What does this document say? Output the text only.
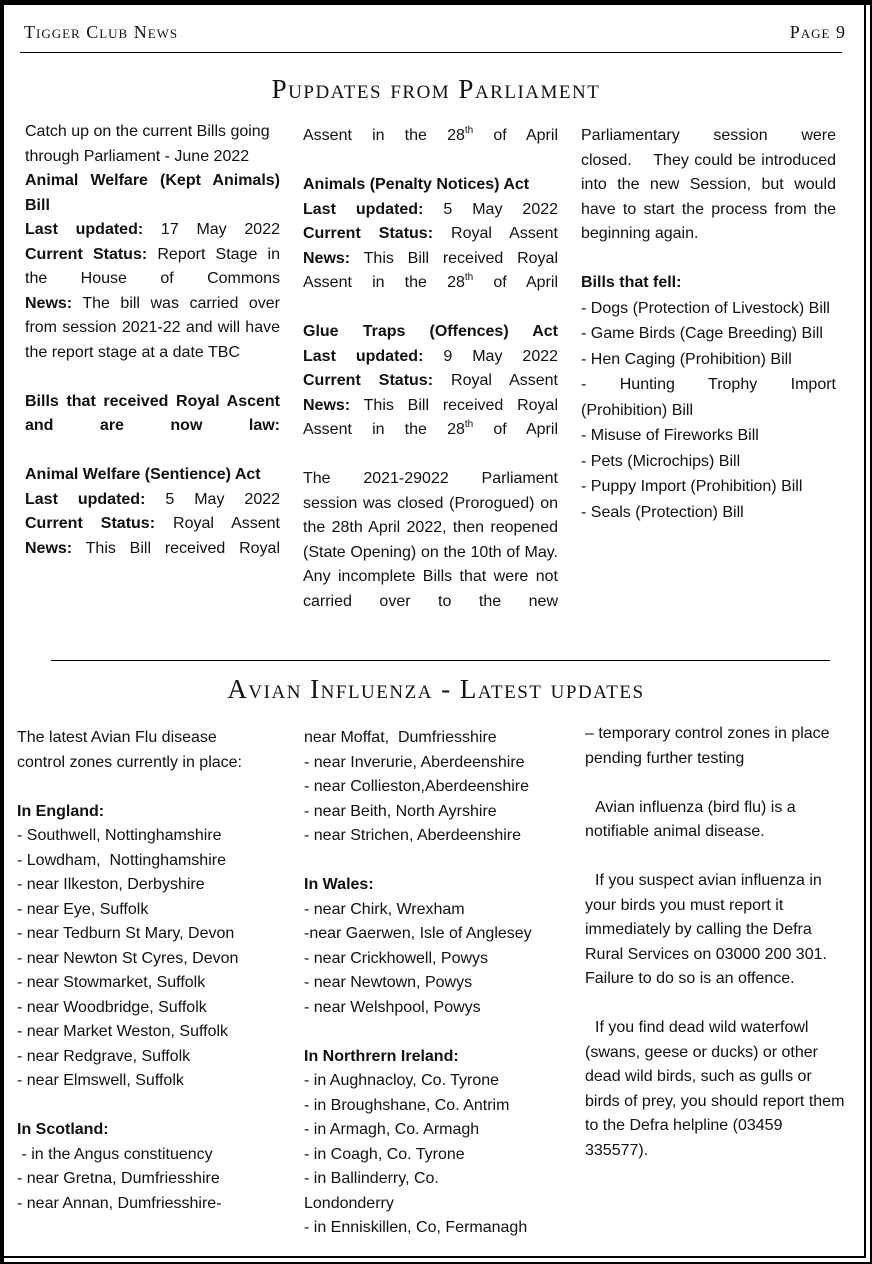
Tigger Club News	Page 9
Pupdates from Parliament

Catch up on the current Bills going through Parliament - June 2022

Animal Welfare (Kept Animals) Bill

Last updated: 17 May 2022

Current Status: Report Stage in the House of Commons

News: The bill was carried over from session 2021-22 and will have the report stage at a date TBC

Bills that received Royal Ascent and are now law:

Animal Welfare (Sentience) Act

Last updated: 5 May 2022

Current Status: Royal Assent

News: This Bill received Royal

Assent in the 28th of April

Animals (Penalty Notices) Act

Last updated: 5 May 2022

Current Status: Royal Assent

News: This Bill received Royal

Assent in the 28th of April

Glue Traps (Offences) Act

Last updated: 9 May 2022

Current Status: Royal Assent

News: This Bill received Royal

Assent in the 28th of April

The 2021-29022 Parliament session was closed (Prorogued) on the 28th April 2022, then reopened (State Opening) on the 10th of May. Any incomplete Bills that were not carried over to the new

Parliamentary session were closed.    They could be introduced into the new Session, but would have to start the process from the beginning again.

Bills that fell:

- Dogs (Protection of Livestock) Bill
- Game Birds (Cage Breeding) Bill
- Hen Caging (Prohibition) Bill
- Hunting Trophy Import (Prohibition) Bill
- Misuse of Fireworks Bill
- Pets (Microchips) Bill
- Puppy Import (Prohibition) Bill
- Seals (Protection) Bill
Avian Influenza - Latest updates

The latest Avian Flu disease control zones currently in place:

In England:

- Southwell, Nottinghamshire
- Lowdham,  Nottinghamshire
- near Ilkeston, Derbyshire
- near Eye, Suffolk
- near Tedburn St Mary, Devon
- near Newton St Cyres, Devon
- near Stowmarket, Suffolk
- near Woodbridge, Suffolk
- near Market Weston, Suffolk
- near Redgrave, Suffolk
- near Elmswell, Suffolk

In Scotland:

- in the Angus constituency
- near Gretna, Dumfriesshire
- near Annan, Dumfriesshire-
near Moffat,  Dumfriesshire
- near Inverurie, Aberdeenshire
- near Collieston,Aberdeenshire
- near Beith, North Ayrshire
- near Strichen, Aberdeenshire

In Wales:

- near Chirk, Wrexham
-near Gaerwen, Isle of Anglesey
- near Crickhowell, Powys
- near Newtown, Powys
- near Welshpool, Powys

In Northrern Ireland:

- in Aughnacloy, Co. Tyrone
- in Broughshane, Co. Antrim
- in Armagh, Co. Armagh
- in Coagh, Co. Tyrone
- in Ballinderry, Co. Londonderry
- in Enniskillen, Co, Fermanagh

– temporary control zones in place pending further testing

Avian influenza (bird flu) is a notifiable animal disease.

If you suspect avian influenza in your birds you must report it immediately by calling the Defra Rural Services on 03000 200 301.

Failure to do so is an offence.

If you find dead wild waterfowl (swans, geese or ducks) or other dead wild birds, such as gulls or birds of prey, you should report them to the Defra helpline (03459 335577).
